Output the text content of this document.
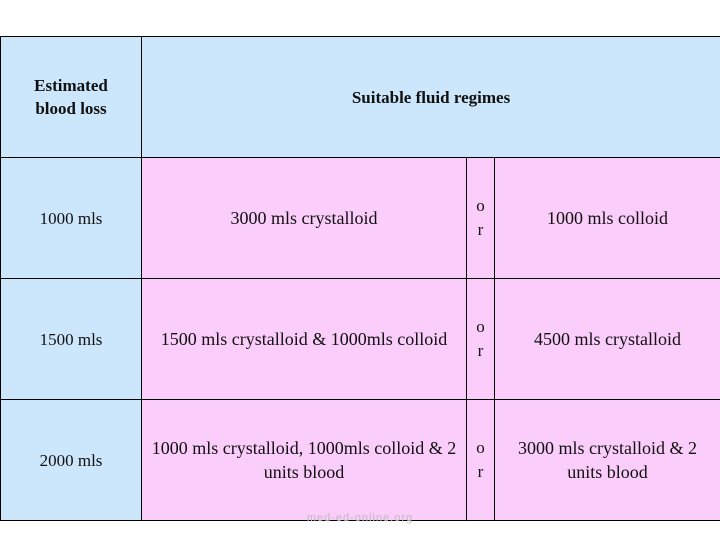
Estimated blood loss	Suitable fluid regimes		
1000 mls	3000 mls crystalloid	or	1000 mls colloid
1500 mls	1500 mls crystalloid & 1000mls colloid	or	4500 mls crystalloid
2000 mls	1000 mls crystalloid, 1000mls colloid & 2 units blood	or	3000 mls crystalloid & 2 units blood
med-ed-online.org
